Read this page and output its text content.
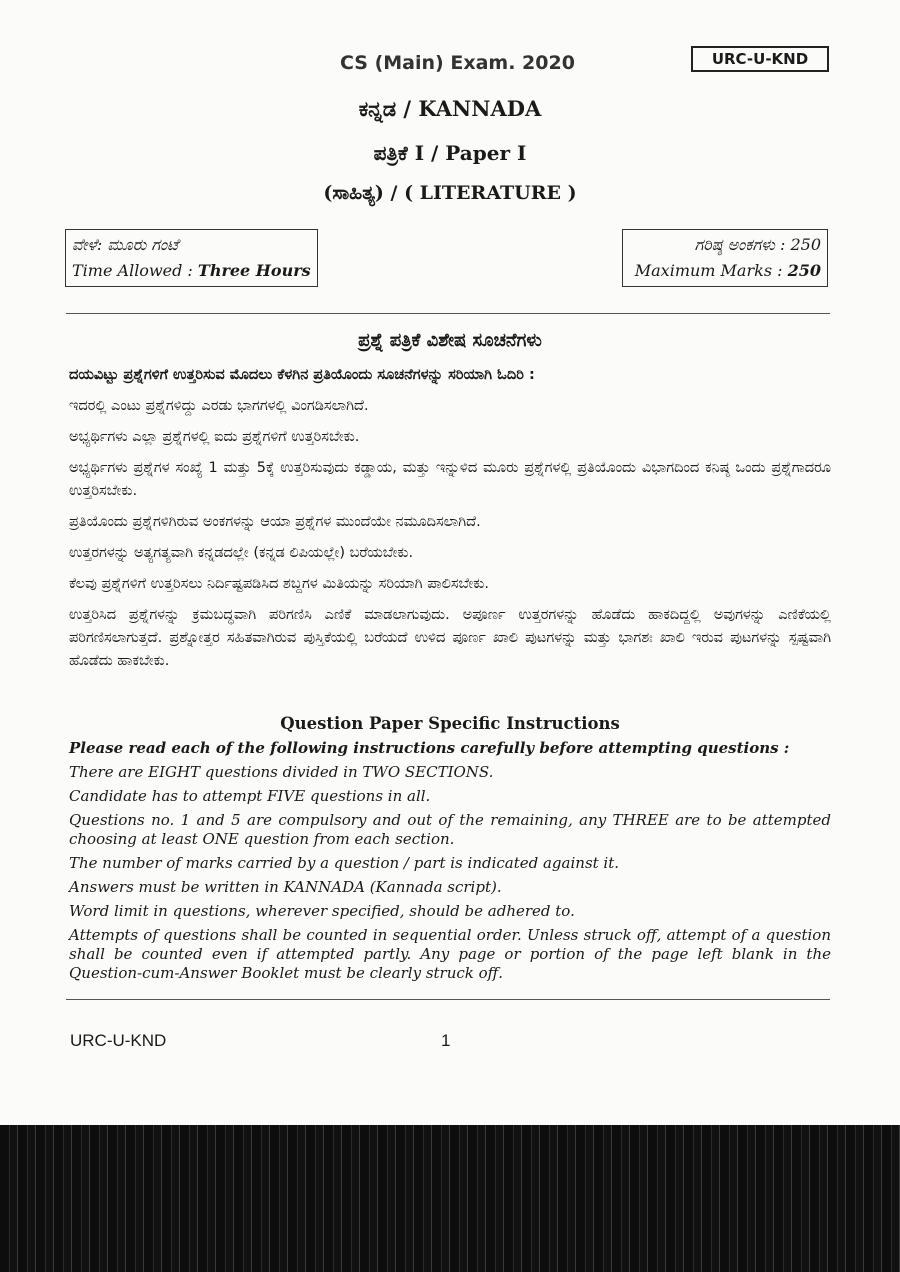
CS (Main) Exam. 2020	URC-U-KND
ಕನ್ನಡ / KANNADA
ಪತ್ರಿಕೆ I / Paper I
(ಸಾಹಿತ್ಯ) / ( LITERATURE )
ವೇಳೆ: ಮೂರು ಗಂಟೆ
Time Allowed : Three Hours
ಗರಿಷ್ಠ ಅಂಕಗಳು : 250
Maximum Marks : 250
ಪ್ರಶ್ನೆ ಪತ್ರಿಕೆ ವಿಶೇಷ ಸೂಚನೆಗಳು

ದಯವಿಟ್ಟು ಪ್ರಶ್ನೆಗಳಿಗೆ ಉತ್ತರಿಸುವ ಮೊದಲು ಕೆಳಗಿನ ಪ್ರತಿಯೊಂದು ಸೂಚನೆಗಳನ್ನು ಸರಿಯಾಗಿ ಓದಿರಿ :

ಇದರಲ್ಲಿ ಎಂಟು ಪ್ರಶ್ನೆಗಳಿದ್ದು ಎರಡು ಭಾಗಗಳಲ್ಲಿ ವಿಂಗಡಿಸಲಾಗಿದೆ.

ಅಭ್ಯರ್ಥಿಗಳು ಎಲ್ಲಾ ಪ್ರಶ್ನೆಗಳಲ್ಲಿ ಐದು ಪ್ರಶ್ನೆಗಳಿಗೆ ಉತ್ತರಿಸಬೇಕು.

ಅಭ್ಯರ್ಥಿಗಳು ಪ್ರಶ್ನೆಗಳ ಸಂಖ್ಯೆ 1 ಮತ್ತು 5ಕ್ಕೆ ಉತ್ತರಿಸುವುದು ಕಡ್ಡಾಯ, ಮತ್ತು ಇನ್ನುಳಿದ ಮೂರು ಪ್ರಶ್ನೆಗಳಲ್ಲಿ ಪ್ರತಿಯೊಂದು ವಿಭಾಗದಿಂದ ಕನಿಷ್ಠ ಒಂದು ಪ್ರಶ್ನೆಗಾದರೂ ಉತ್ತರಿಸಬೇಕು.

ಪ್ರತಿಯೊಂದು ಪ್ರಶ್ನೆಗಳಿಗಿರುವ ಅಂಕಗಳನ್ನು ಆಯಾ ಪ್ರಶ್ನೆಗಳ ಮುಂದೆಯೇ ನಮೂದಿಸಲಾಗಿದೆ.

ಉತ್ತರಗಳನ್ನು ಅತ್ಯಗತ್ಯವಾಗಿ ಕನ್ನಡದಲ್ಲೇ (ಕನ್ನಡ ಲಿಪಿಯಲ್ಲೇ) ಬರೆಯಬೇಕು.

ಕೆಲವು ಪ್ರಶ್ನೆಗಳಿಗೆ ಉತ್ತರಿಸಲು ನಿರ್ದಿಷ್ಟಪಡಿಸಿದ ಶಬ್ದಗಳ ಮಿತಿಯನ್ನು ಸರಿಯಾಗಿ ಪಾಲಿಸಬೇಕು.

ಉತ್ತರಿಸಿದ ಪ್ರಶ್ನೆಗಳನ್ನು ಕ್ರಮಬದ್ಧವಾಗಿ ಪರಿಗಣಿಸಿ ಎಣಿಕೆ ಮಾಡಲಾಗುವುದು. ಅಪೂರ್ಣ ಉತ್ತರಗಳನ್ನು ಹೊಡೆದು ಹಾಕದಿದ್ದಲ್ಲಿ ಅವುಗಳನ್ನು ಎಣಿಕೆಯಲ್ಲಿ ಪರಿಗಣಿಸಲಾಗುತ್ತದೆ. ಪ್ರಶ್ನೋತ್ತರ ಸಹಿತವಾಗಿರುವ ಪುಸ್ತಿಕೆಯಲ್ಲಿ ಬರೆಯದೆ ಉಳಿದ ಪೂರ್ಣ ಖಾಲಿ ಪುಟಗಳನ್ನು ಮತ್ತು ಭಾಗಶಃ ಖಾಲಿ ಇರುವ ಪುಟಗಳನ್ನು ಸ್ಪಷ್ಟವಾಗಿ ಹೊಡೆದು ಹಾಕಬೇಕು.

Question Paper Specific Instructions

Please read each of the following instructions carefully before attempting questions :

There are EIGHT questions divided in TWO SECTIONS.

Candidate has to attempt FIVE questions in all.

Questions no. 1 and 5 are compulsory and out of the remaining, any THREE are to be attempted choosing at least ONE question from each section.

The number of marks carried by a question / part is indicated against it.

Answers must be written in KANNADA (Kannada script).

Word limit in questions, wherever specified, should be adhered to.

Attempts of questions shall be counted in sequential order. Unless struck off, attempt of a question shall be counted even if attempted partly. Any page or portion of the page left blank in the Question-cum-Answer Booklet must be clearly struck off.

URC-U-KND	1
